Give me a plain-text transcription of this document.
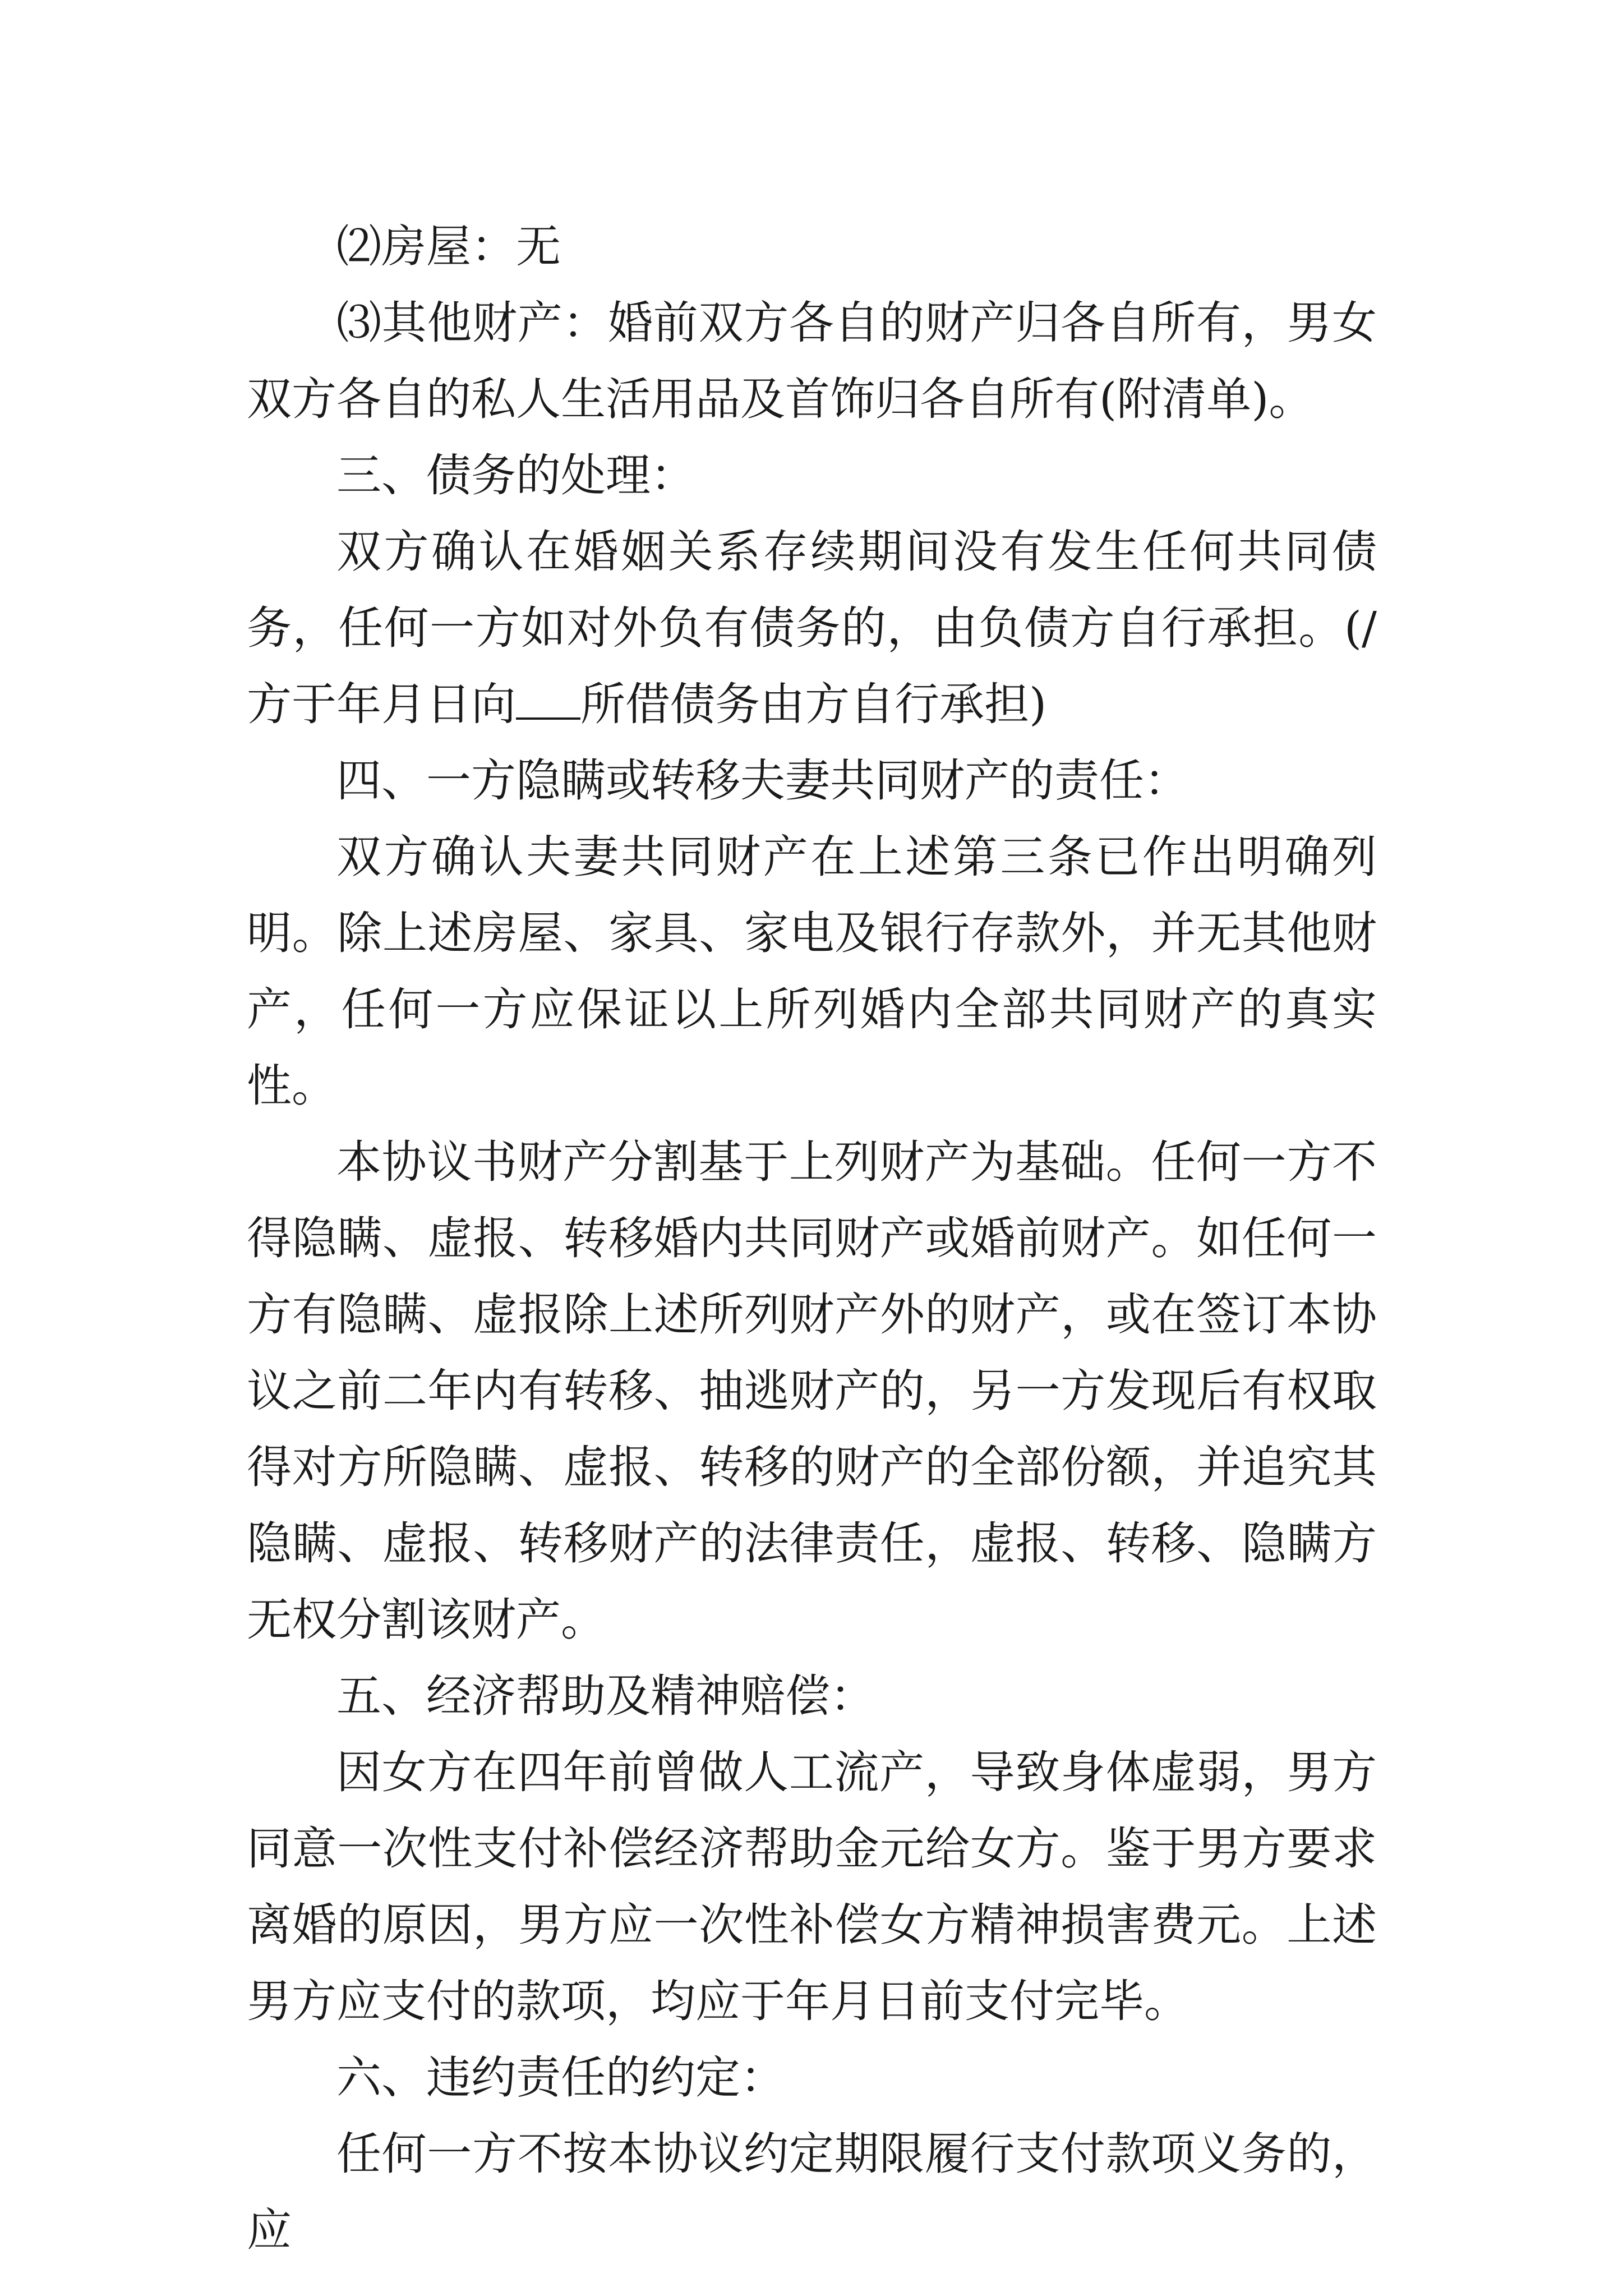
⑵房屋：无

⑶其他财产：婚前双方各自的财产归各自所有，男女双方各自的私人生活用品及首饰归各自所有(附清单)。

三、债务的处理：

双方确认在婚姻关系存续期间没有发生任何共同债务，任何一方如对外负有债务的，由负债方自行承担。(/方于年月日向 所借债务由方自行承担)

四、一方隐瞒或转移夫妻共同财产的责任：

双方确认夫妻共同财产在上述第三条已作出明确列明。除上述房屋、家具、家电及银行存款外，并无其他财产，任何一方应保证以上所列婚内全部共同财产的真实性。

本协议书财产分割基于上列财产为基础。任何一方不得隐瞒、虚报、转移婚内共同财产或婚前财产。如任何一方有隐瞒、虚报除上述所列财产外的财产，或在签订本协议之前二年内有转移、抽逃财产的，另一方发现后有权取得对方所隐瞒、虚报、转移的财产的全部份额，并追究其隐瞒、虚报、转移财产的法律责任，虚报、转移、隐瞒方无权分割该财产。

五、经济帮助及精神赔偿：

因女方在四年前曾做人工流产，导致身体虚弱，男方同意一次性支付补偿经济帮助金元给女方。鉴于男方要求离婚的原因，男方应一次性补偿女方精神损害费元。上述男方应支付的款项，均应于年月日前支付完毕。

六、违约责任的约定：

任何一方不按本协议约定期限履行支付款项义务的，应
